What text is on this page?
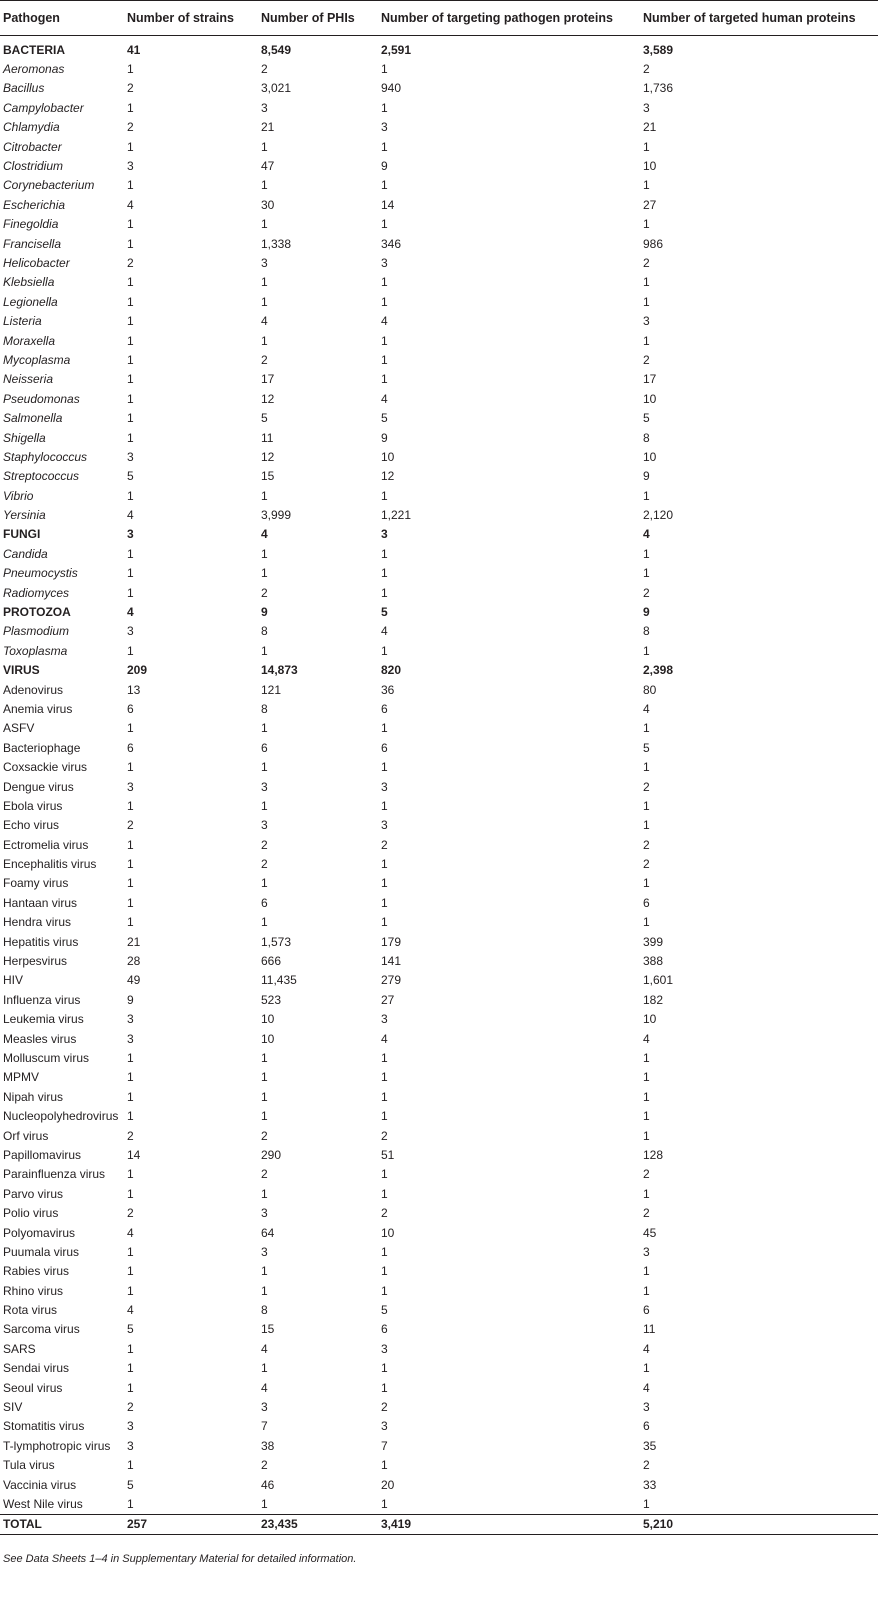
Pathogen	Number of strains	Number of PHIs	Number of targeting pathogen proteins	Number of targeted human proteins
BACTERIA	41	8,549	2,591	3,589
Aeromonas	1	2	1	2
Bacillus	2	3,021	940	1,736
Campylobacter	1	3	1	3
Chlamydia	2	21	3	21
Citrobacter	1	1	1	1
Clostridium	3	47	9	10
Corynebacterium	1	1	1	1
Escherichia	4	30	14	27
Finegoldia	1	1	1	1
Francisella	1	1,338	346	986
Helicobacter	2	3	3	2
Klebsiella	1	1	1	1
Legionella	1	1	1	1
Listeria	1	4	4	3
Moraxella	1	1	1	1
Mycoplasma	1	2	1	2
Neisseria	1	17	1	17
Pseudomonas	1	12	4	10
Salmonella	1	5	5	5
Shigella	1	11	9	8
Staphylococcus	3	12	10	10
Streptococcus	5	15	12	9
Vibrio	1	1	1	1
Yersinia	4	3,999	1,221	2,120
FUNGI	3	4	3	4
Candida	1	1	1	1
Pneumocystis	1	1	1	1
Radiomyces	1	2	1	2
PROTOZOA	4	9	5	9
Plasmodium	3	8	4	8
Toxoplasma	1	1	1	1
VIRUS	209	14,873	820	2,398
Adenovirus	13	121	36	80
Anemia virus	6	8	6	4
ASFV	1	1	1	1
Bacteriophage	6	6	6	5
Coxsackie virus	1	1	1	1
Dengue virus	3	3	3	2
Ebola virus	1	1	1	1
Echo virus	2	3	3	1
Ectromelia virus	1	2	2	2
Encephalitis virus	1	2	1	2
Foamy virus	1	1	1	1
Hantaan virus	1	6	1	6
Hendra virus	1	1	1	1
Hepatitis virus	21	1,573	179	399
Herpesvirus	28	666	141	388
HIV	49	11,435	279	1,601
Influenza virus	9	523	27	182
Leukemia virus	3	10	3	10
Measles virus	3	10	4	4
Molluscum virus	1	1	1	1
MPMV	1	1	1	1
Nipah virus	1	1	1	1
Nucleopolyhedrovirus	1	1	1	1
Orf virus	2	2	2	1
Papillomavirus	14	290	51	128
Parainfluenza virus	1	2	1	2
Parvo virus	1	1	1	1
Polio virus	2	3	2	2
Polyomavirus	4	64	10	45
Puumala virus	1	3	1	3
Rabies virus	1	1	1	1
Rhino virus	1	1	1	1
Rota virus	4	8	5	6
Sarcoma virus	5	15	6	11
SARS	1	4	3	4
Sendai virus	1	1	1	1
Seoul virus	1	4	1	4
SIV	2	3	2	3
Stomatitis virus	3	7	3	6
T-lymphotropic virus	3	38	7	35
Tula virus	1	2	1	2
Vaccinia virus	5	46	20	33
West Nile virus	1	1	1	1
TOTAL	257	23,435	3,419	5,210
See Data Sheets 1–4 in Supplementary Material for detailed information.
